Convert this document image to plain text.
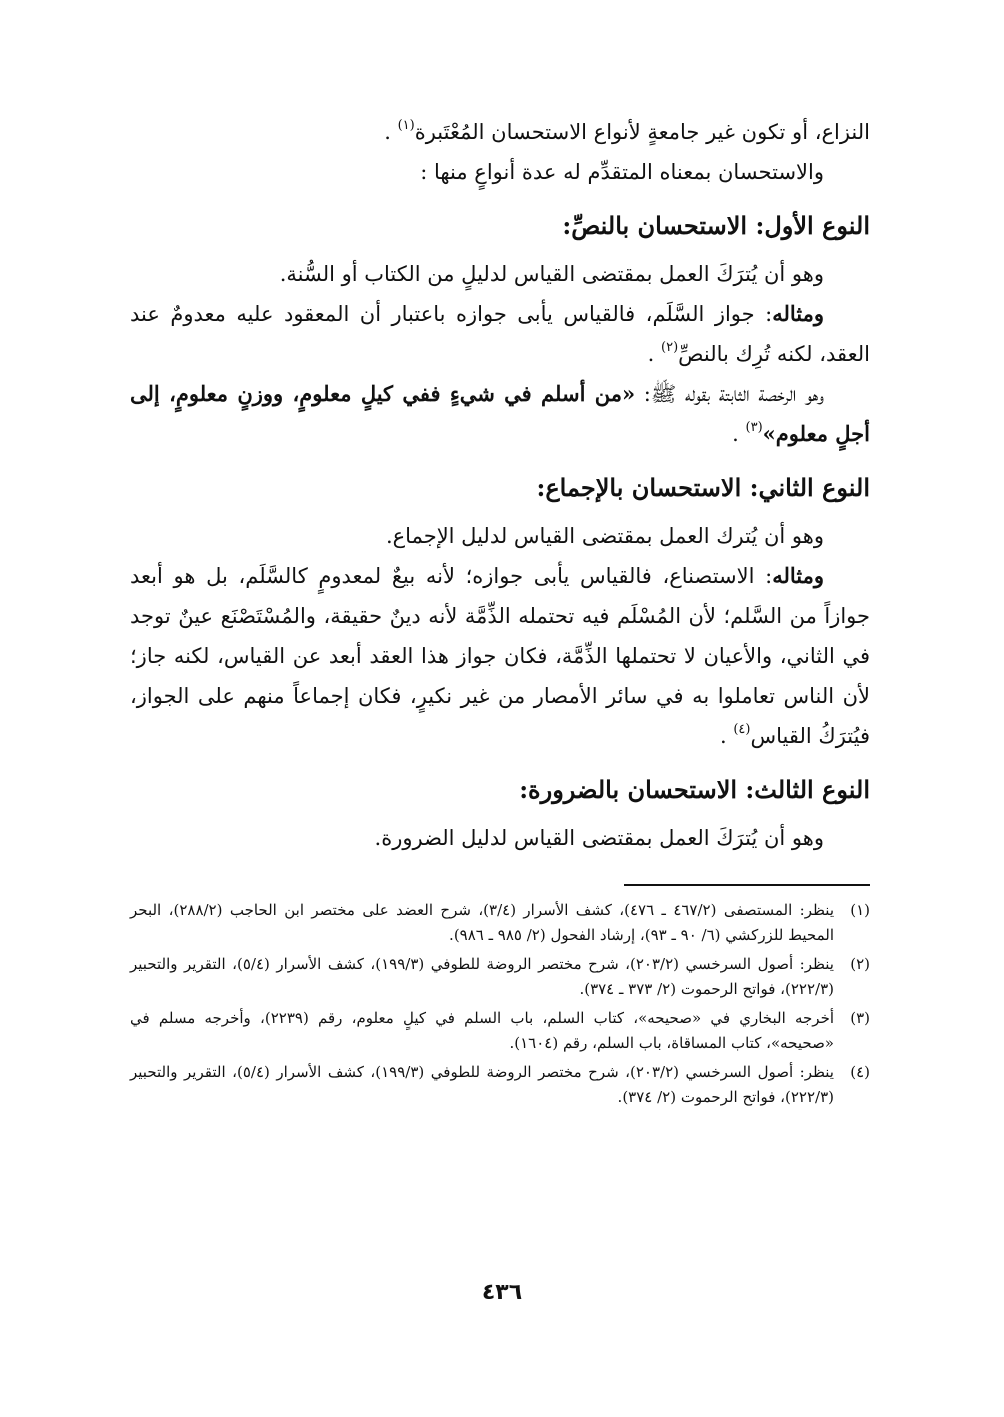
النزاع، أو تكون غير جامعةٍ لأنواع الاستحسان المُعْتَبرة$^{(١)}$ .

والاستحسان بمعناه المتقدِّم له عدة أنواعٍ منها :

النوع الأول: الاستحسان بالنصِّ:

وهو أن يُترَكَ العمل بمقتضى القياس لدليلٍ من الكتاب أو السُّنة.

ومثاله: جواز السَّلَم، فالقياس يأبى جوازه باعتبار أن المعقود عليه معدومٌ عند العقد، لكنه تُرِك بالنصِّ$^{(٢)}$ .

وهو الرخصة الثابتة بقوله ﷺ: «من أسلم في شيءٍ ففي كيلٍ معلومٍ، ووزنٍ معلومٍ، إلى أجلٍ معلوم»$^{(٣)}$ .

النوع الثاني: الاستحسان بالإجماع:

وهو أن يُترك العمل بمقتضى القياس لدليل الإجماع.

ومثاله: الاستصناع، فالقياس يأبى جوازه؛ لأنه بيعٌ لمعدومٍ كالسَّلَم، بل هو أبعد جوازاً من السَّلم؛ لأن المُسْلَم فيه تحتمله الذِّمَّة لأنه دينٌ حقيقة، والمُسْتَصْنَع عينٌ توجد في الثاني، والأعيان لا تحتملها الذِّمَّة، فكان جواز هذا العقد أبعد عن القياس، لكنه جاز؛ لأن الناس تعاملوا به في سائر الأمصار من غير نكيرٍ، فكان إجماعاً منهم على الجواز، فيُترَكُ القياس$^{(٤)}$ .

النوع الثالث: الاستحسان بالضرورة:

وهو أن يُترَكَ العمل بمقتضى القياس لدليل الضرورة.

(١)
ينظر: المستصفى (٤٦٧/٢ ـ ٤٧٦)، كشف الأسرار (٣/٤)، شرح العضد على مختصر ابن الحاجب (٢٨٨/٢)، البحر المحيط للزركشي (٦/ ٩٠ ـ ٩٣)، إرشاد الفحول (٢/ ٩٨٥ ـ ٩٨٦).
(٢)
ينظر: أصول السرخسي (٢٠٣/٢)، شرح مختصر الروضة للطوفي (١٩٩/٣)، كشف الأسرار (٥/٤)، التقرير والتحبير (٢٢٢/٣)، فواتح الرحموت (٢/ ٣٧٣ ـ ٣٧٤).
(٣)
أخرجه البخاري في «صحيحه»، كتاب السلم، باب السلم في كيلٍ معلوم، رقم (٢٢٣٩)، وأخرجه مسلم في «صحيحه»، كتاب المساقاة، باب السلم، رقم (١٦٠٤).
(٤)
ينظر: أصول السرخسي (٢٠٣/٢)، شرح مختصر الروضة للطوفي (١٩٩/٣)، كشف الأسرار (٥/٤)، التقرير والتحبير (٢٢٢/٣)، فواتح الرحموت (٢/ ٣٧٤).
٤٣٦
